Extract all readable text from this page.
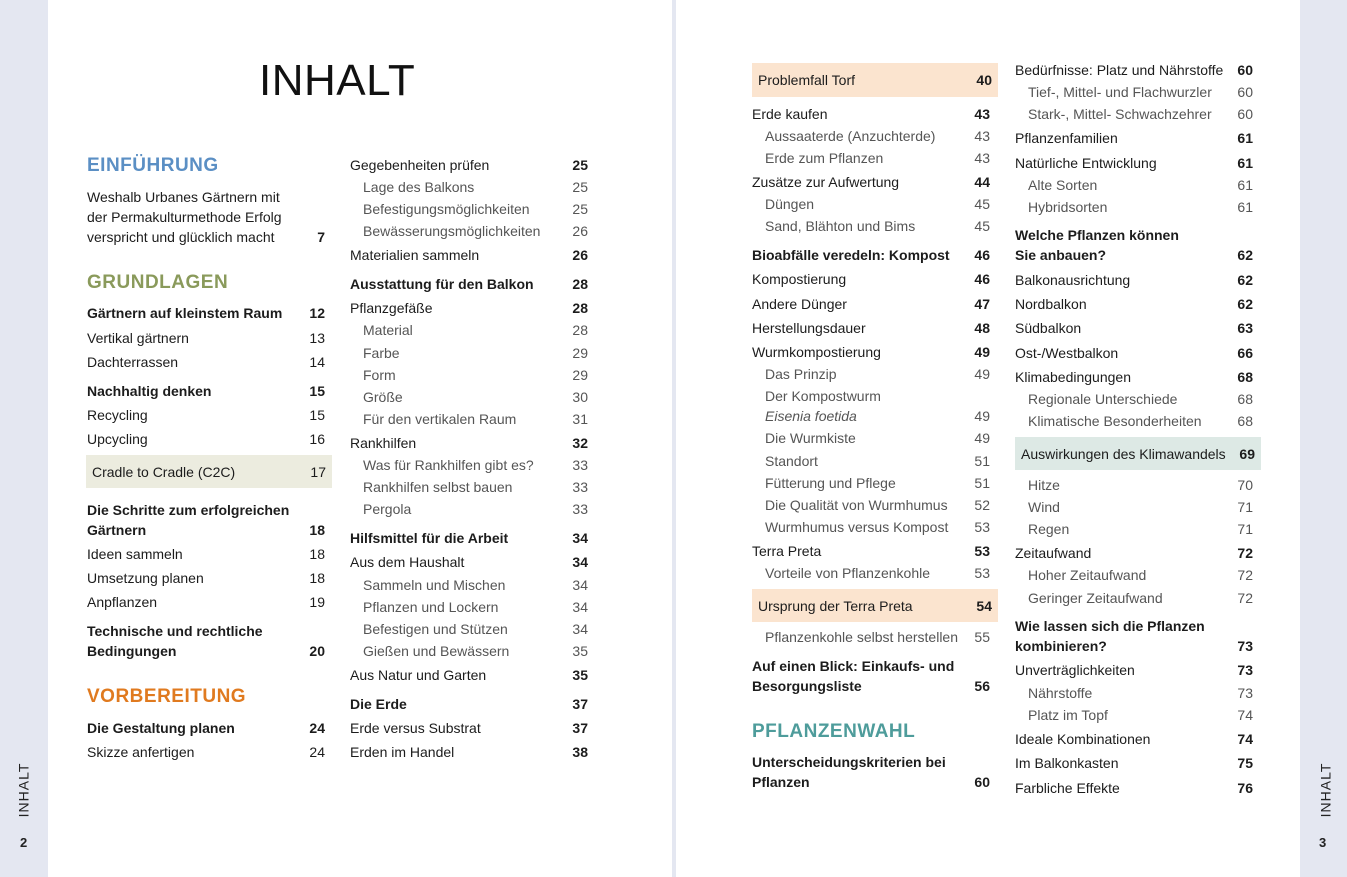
INHALT
2
INHALT
3
INHALT
EINFÜHRUNG
Weshalb Urbanes Gärtnern mit
der Permakulturmethode Erfolg
verspricht und glücklich macht	7
GRUNDLAGEN
Gärtnern auf kleinstem Raum	12
Vertikal gärtnern	13
Dachterrassen	14
Nachhaltig denken	15
Recycling	15
Upcycling	16
Cradle to Cradle (C2C)	17
Die Schritte zum erfolgreichen
Gärtnern	18
Ideen sammeln	18
Umsetzung planen	18
Anpflanzen	19
Technische und rechtliche
Bedingungen	20
VORBEREITUNG
Die Gestaltung planen	24
Skizze anfertigen	24
Gegebenheiten prüfen	25
Lage des Balkons	25
Befestigungsmöglichkeiten	25
Bewässerungsmöglichkeiten	26
Materialien sammeln	26
Ausstattung für den Balkon	28
Pflanzgefäße	28
Material	28
Farbe	29
Form	29
Größe	30
Für den vertikalen Raum	31
Rankhilfen	32
Was für Rankhilfen gibt es?	33
Rankhilfen selbst bauen	33
Pergola	33
Hilfsmittel für die Arbeit	34
Aus dem Haushalt	34
Sammeln und Mischen	34
Pflanzen und Lockern	34
Befestigen und Stützen	34
Gießen und Bewässern	35
Aus Natur und Garten	35
Die Erde	37
Erde versus Substrat	37
Erden im Handel	38
Problemfall Torf	40
Erde kaufen	43
Aussaaterde (Anzuchterde)	43
Erde zum Pflanzen	43
Zusätze zur Aufwertung	44
Düngen	45
Sand, Blähton und Bims	45
Bioabfälle veredeln: Kompost	46
Kompostierung	46
Andere Dünger	47
Herstellungsdauer	48
Wurmkompostierung	49
Das Prinzip	49
Der Kompostwurm
Eisenia foetida	49
Die Wurmkiste	49
Standort	51
Fütterung und Pflege	51
Die Qualität von Wurmhumus	52
Wurmhumus versus Kompost	53
Terra Preta	53
Vorteile von Pflanzenkohle	53
Ursprung der Terra Preta	54
Pflanzenkohle selbst herstellen	55
Auf einen Blick: Einkaufs- und
Besorgungsliste	56
PFLANZENWAHL
Unterscheidungskriterien bei
Pflanzen	60
Bedürfnisse: Platz und Nährstoffe	60
Tief-, Mittel- und Flachwurzler	60
Stark-, Mittel- Schwachzehrer	60
Pflanzenfamilien	61
Natürliche Entwicklung	61
Alte Sorten	61
Hybridsorten	61
Welche Pflanzen können
Sie anbauen?	62
Balkonausrichtung	62
Nordbalkon	62
Südbalkon	63
Ost-/Westbalkon	66
Klimabedingungen	68
Regionale Unterschiede	68
Klimatische Besonderheiten	68
Auswirkungen des Klimawandels 69
Hitze	70
Wind	71
Regen	71
Zeitaufwand	72
Hoher Zeitaufwand	72
Geringer Zeitaufwand	72
Wie lassen sich die Pflanzen
kombinieren?	73
Unverträglichkeiten	73
Nährstoffe	73
Platz im Topf	74
Ideale Kombinationen	74
Im Balkonkasten	75
Farbliche Effekte	76
